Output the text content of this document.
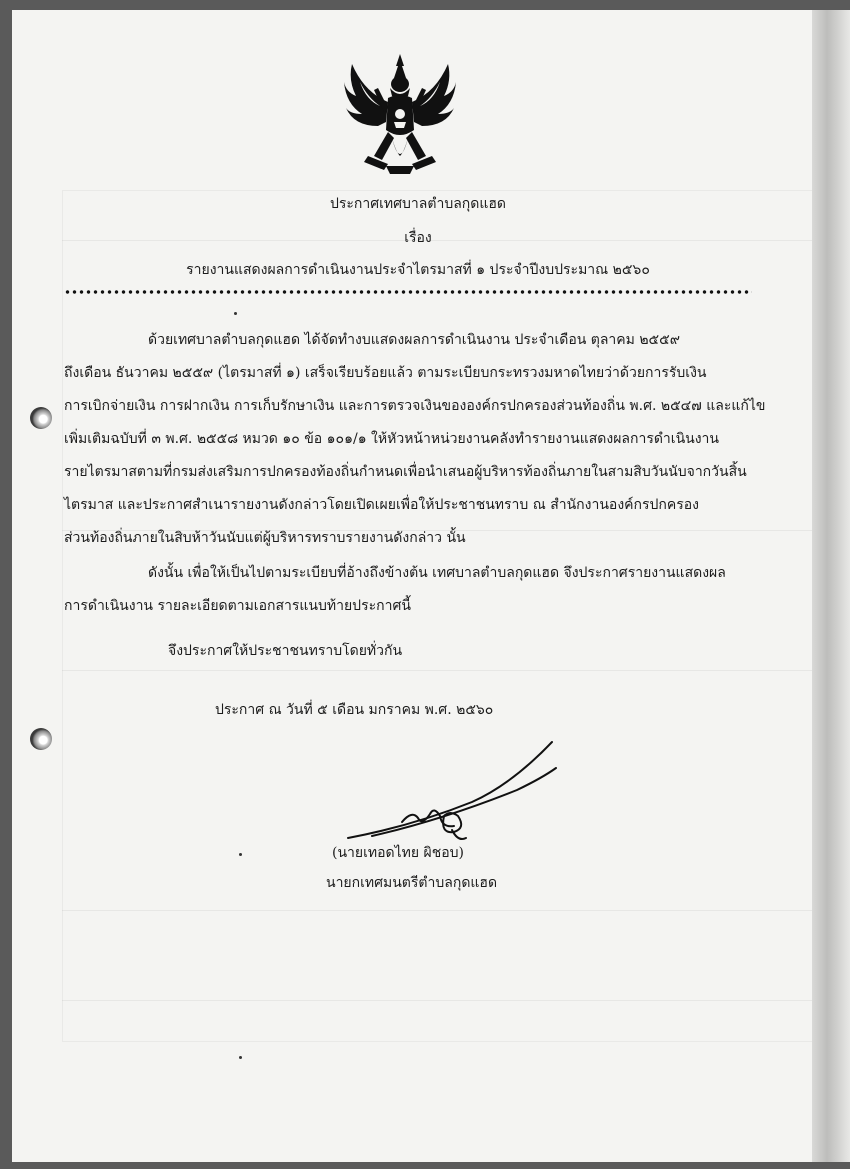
ประกาศเทศบาลตำบลกุดแฮด
เรื่อง
รายงานแสดงผลการดำเนินงานประจำไตรมาสที่ ๑ ประจำปีงบประมาณ ๒๕๖๐
ด้วยเทศบาลตำบลกุดแฮด ได้จัดทำงบแสดงผลการดำเนินงาน ประจำเดือน ตุลาคม ๒๕๕๙
ถึงเดือน ธันวาคม ๒๕๕๙ (ไตรมาสที่ ๑) เสร็จเรียบร้อยแล้ว ตามระเบียบกระทรวงมหาดไทยว่าด้วยการรับเงิน
การเบิกจ่ายเงิน การฝากเงิน การเก็บรักษาเงิน และการตรวจเงินขององค์กรปกครองส่วนท้องถิ่น พ.ศ. ๒๕๔๗ และแก้ไข
เพิ่มเติมฉบับที่ ๓ พ.ศ. ๒๕๕๘ หมวด ๑๐ ข้อ ๑๐๑/๑ ให้หัวหน้าหน่วยงานคลังทำรายงานแสดงผลการดำเนินงาน
รายไตรมาสตามที่กรมส่งเสริมการปกครองท้องถิ่นกำหนดเพื่อนำเสนอผู้บริหารท้องถิ่นภายในสามสิบวันนับจากวันสิ้น
ไตรมาส และประกาศสำเนารายงานดังกล่าวโดยเปิดเผยเพื่อให้ประชาชนทราบ ณ สำนักงานองค์กรปกครอง
ส่วนท้องถิ่นภายในสิบห้าวันนับแต่ผู้บริหารทราบรายงานดังกล่าว นั้น
ดังนั้น เพื่อให้เป็นไปตามระเบียบที่อ้างถึงข้างต้น เทศบาลตำบลกุดแฮด จึงประกาศรายงานแสดงผล
การดำเนินงาน รายละเอียดตามเอกสารแนบท้ายประกาศนี้
จึงประกาศให้ประชาชนทราบโดยทั่วกัน
ประกาศ ณ วันที่ ๕ เดือน มกราคม พ.ศ. ๒๕๖๐
(นายเทอดไทย ผิชอบ)
นายกเทศมนตรีตำบลกุดแฮด
